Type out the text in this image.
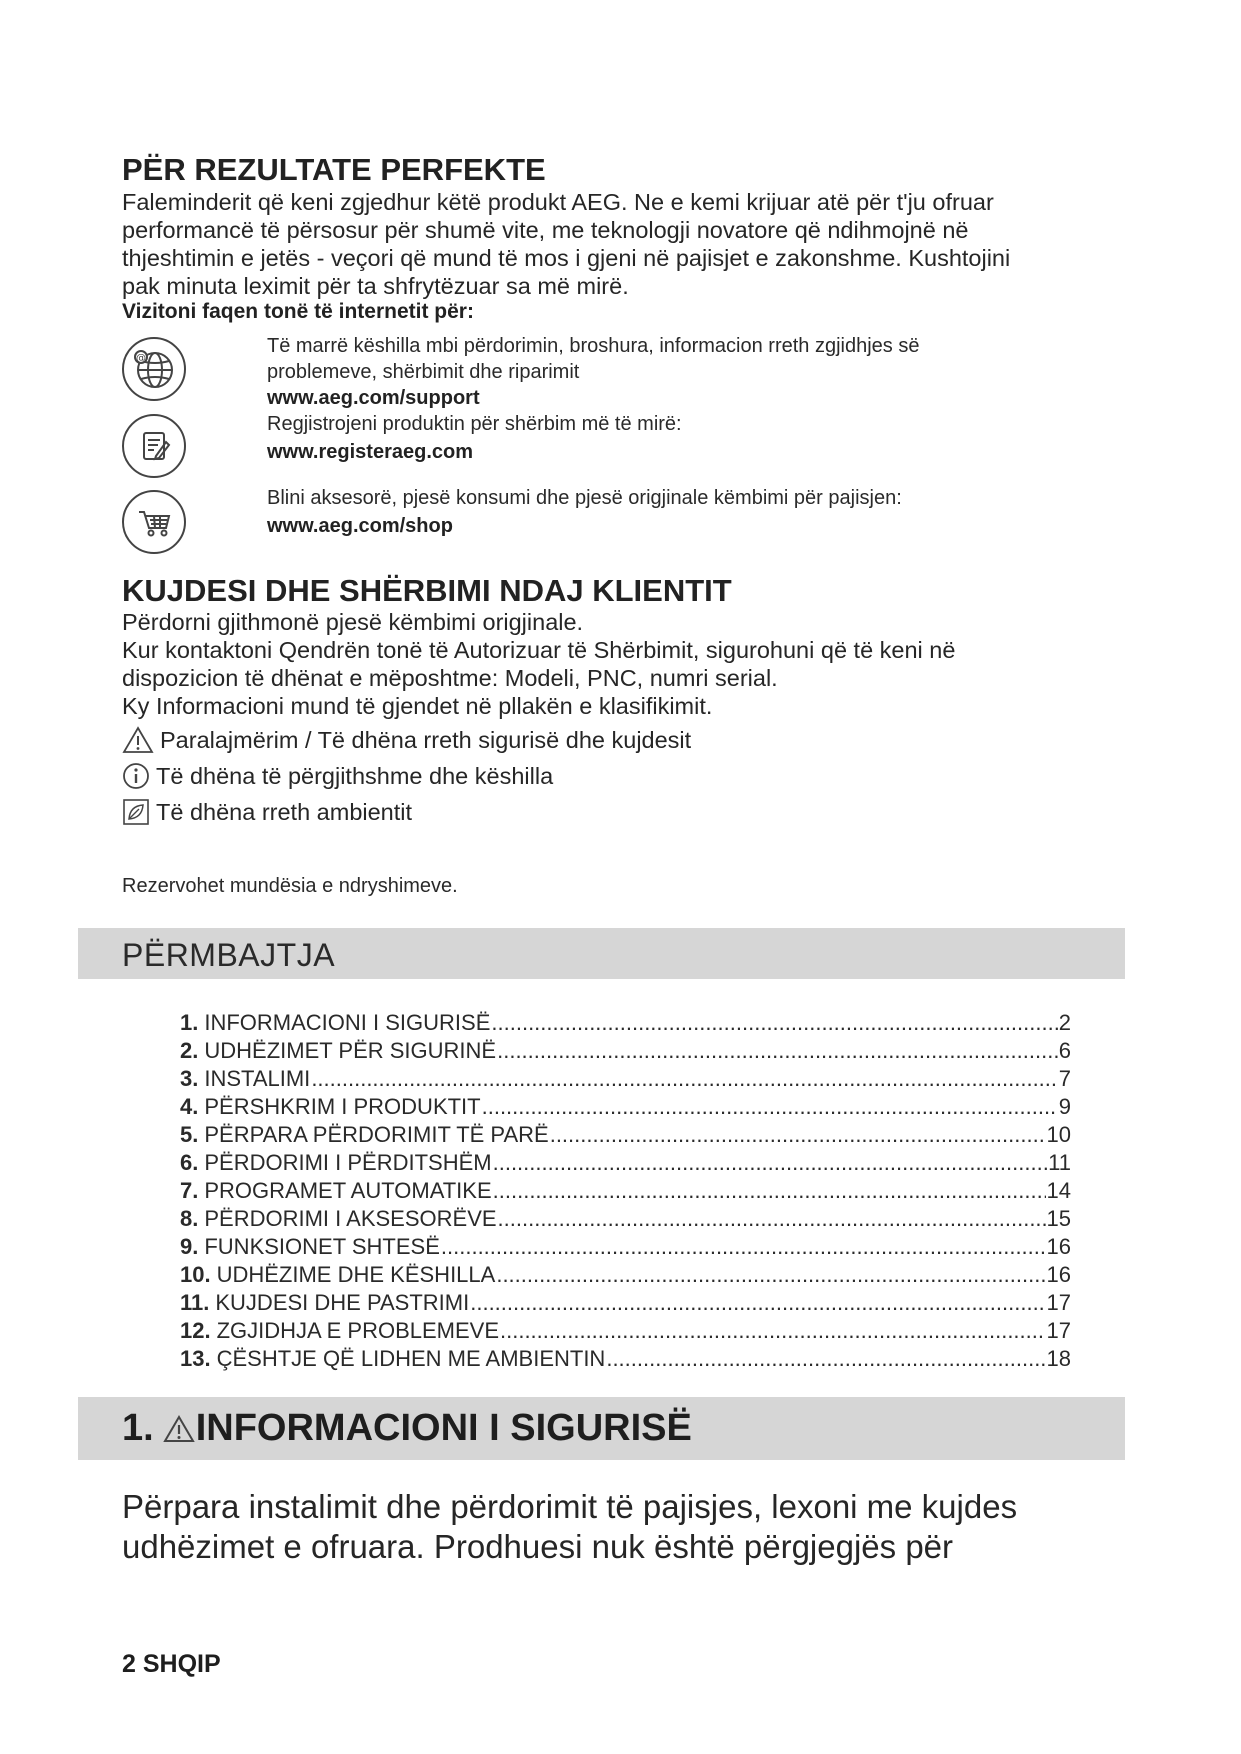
PËR REZULTATE PERFEKTE
Faleminderit që keni zgjedhur këtë produkt AEG. Ne e kemi krijuar atë për t'ju ofruar
performancë të përsosur për shumë vite, me teknologji novatore që ndihmojnë në
thjeshtimin e jetës - veçori që mund të mos i gjeni në pajisjet e zakonshme. Kushtojini
pak minuta leximit për ta shfrytëzuar sa më mirë.
Vizitoni faqen tonë të internetit për:
@
Të marrë këshilla mbi përdorimin, broshura, informacion rreth zgjidhjes së
problemeve, shërbimit dhe riparimit
www.aeg.com/support
Regjistrojeni produktin për shërbim më të mirë:
www.registeraeg.com
Blini aksesorë, pjesë konsumi dhe pjesë origjinale këmbimi për pajisjen:
www.aeg.com/shop
KUJDESI DHE SHËRBIMI NDAJ KLIENTIT
Përdorni gjithmonë pjesë këmbimi origjinale.
Kur kontaktoni Qendrën tonë të Autorizuar të Shërbimit, sigurohuni që të keni në
dispozicion të dhënat e mëposhtme: Modeli, PNC, numri serial.
Ky Informacioni mund të gjendet në pllakën e klasifikimit.
Paralajmërim / Të dhëna rreth sigurisë dhe kujdesit
Të dhëna të përgjithshme dhe këshilla
Të dhëna rreth ambientit
Rezervohet mundësia e ndryshimeve.
PËRMBAJTJA
1. INFORMACIONI I SIGURISË .....	2
2. UDHËZIMET PËR SIGURINË .....	6
3. INSTALIMI .....	7
4. PËRSHKRIM I PRODUKTIT .....	9
5. PËRPARA PËRDORIMIT TË PARË .....	10
6. PËRDORIMI I PËRDITSHËM .....	11
7. PROGRAMET AUTOMATIKE .....	14
8. PËRDORIMI I AKSESORËVE .....	15
9. FUNKSIONET SHTESË .....	16
10. UDHËZIME DHE KËSHILLA .....	16
11. KUJDESI DHE PASTRIMI .....	17
12. ZGJIDHJA E PROBLEMEVE .....	17
13. ÇËSHTJE QË LIDHEN ME AMBIENTIN .....	18
1. INFORMACIONI I SIGURISË
Përpara instalimit dhe përdorimit të pajisjes, lexoni me kujdes
udhëzimet e ofruara. Prodhuesi nuk është përgjegjës për
2 SHQIP
